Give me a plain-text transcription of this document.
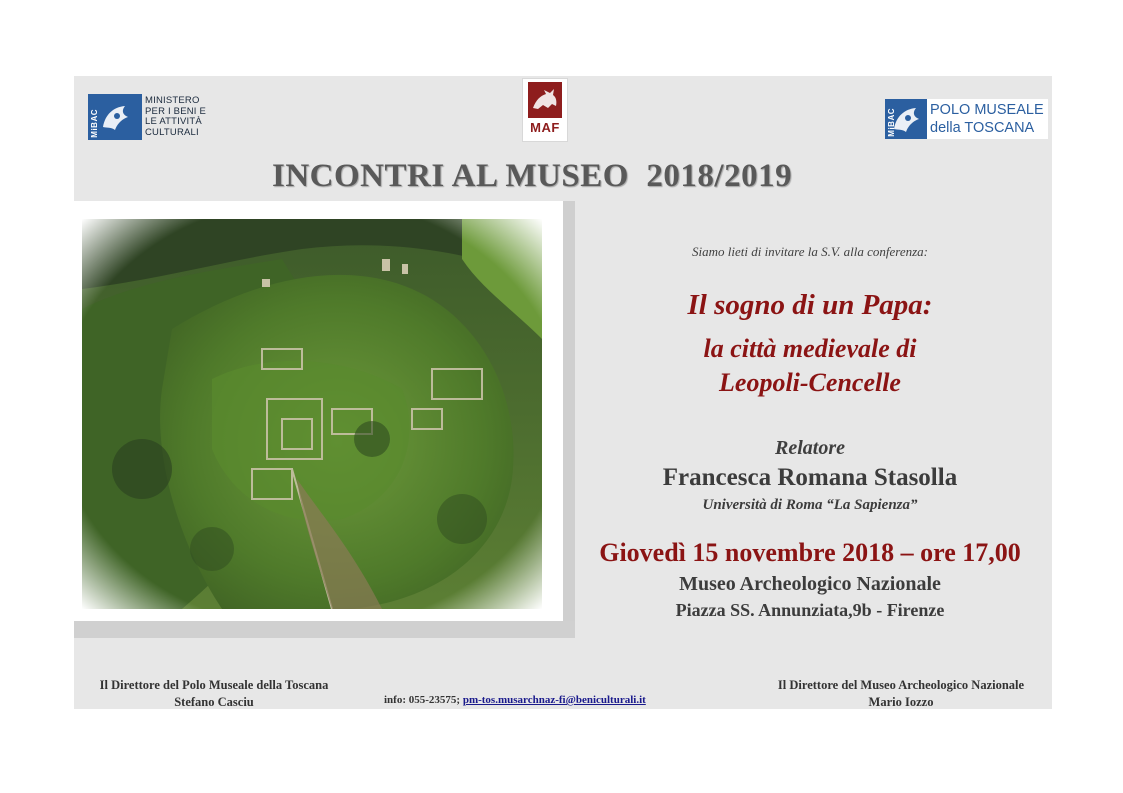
MiBAC
MINISTERO
PER I BENI E
LE ATTIVITÀ
CULTURALI	MAF	MiBAC POLO MUSEALE
della TOSCANA
INCONTRI AL MUSEO  2018/2019
Siamo lieti di invitare la S.V. alla conferenza:
Il sogno di un Papa:
la città medievale di
Leopoli-Cencelle
Relatore
Francesca Romana Stasolla
Università di Roma “La Sapienza”
Giovedì 15 novembre 2018 – ore 17,00
Museo Archeologico Nazionale
Piazza SS. Annunziata,9b - Firenze
Il Direttore del Polo Museale della Toscana
Stefano Casciu	info: 055-23575; pm-tos.musarchnaz-fi@beniculturali.it
Il Direttore del Museo Archeologico Nazionale
Mario Iozzo
